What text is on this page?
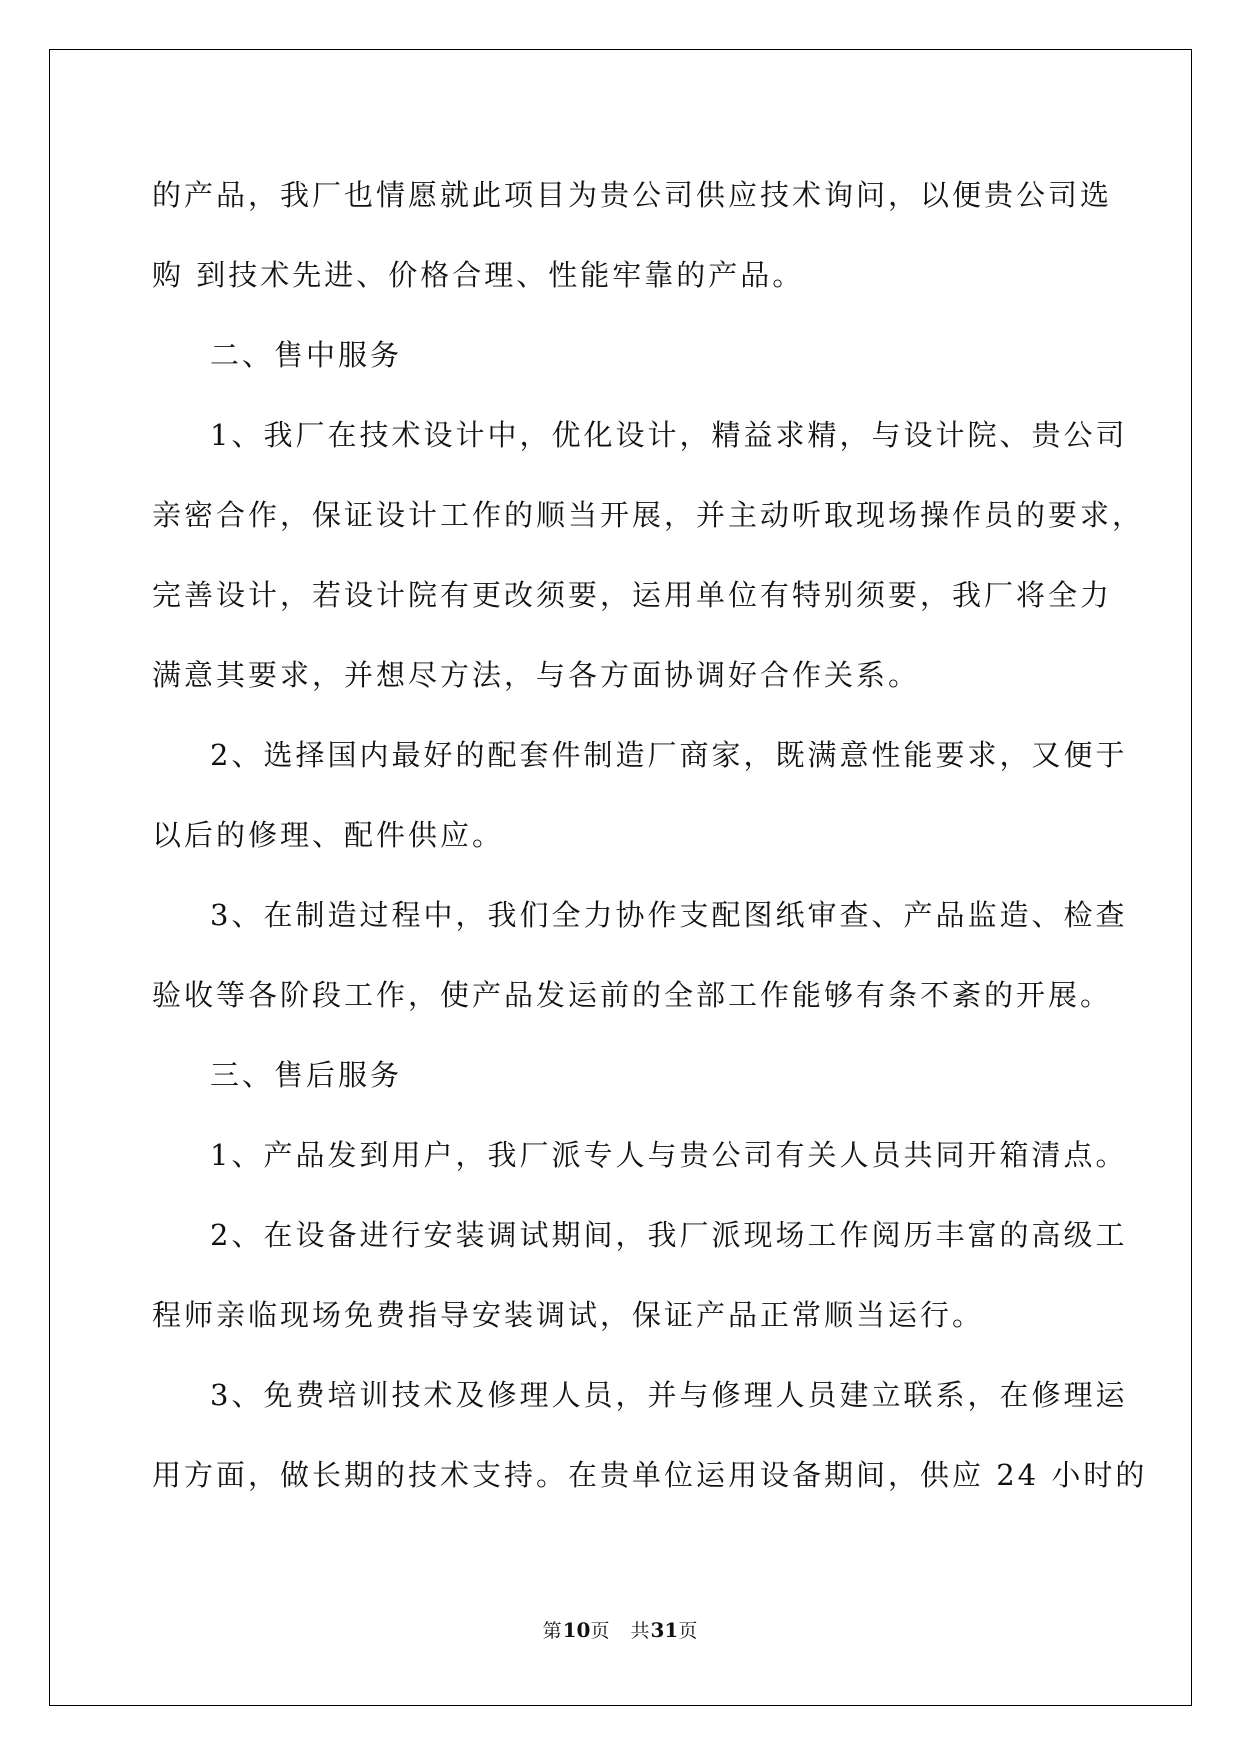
的产品，我厂也情愿就此项目为贵公司供应技术询问，以便贵公司选

购 到技术先进、价格合理、性能牢靠的产品。

二、售中服务

1、我厂在技术设计中，优化设计，精益求精，与设计院、贵公司

亲密合作，保证设计工作的顺当开展，并主动听取现场操作员的要求，

完善设计，若设计院有更改须要，运用单位有特别须要，我厂将全力

满意其要求，并想尽方法，与各方面协调好合作关系。

2、选择国内最好的配套件制造厂商家，既满意性能要求，又便于

以后的修理、配件供应。

3、在制造过程中，我们全力协作支配图纸审查、产品监造、检查

验收等各阶段工作，使产品发运前的全部工作能够有条不紊的开展。

三、售后服务

1、产品发到用户，我厂派专人与贵公司有关人员共同开箱清点。

2、在设备进行安装调试期间，我厂派现场工作阅历丰富的高级工

程师亲临现场免费指导安装调试，保证产品正常顺当运行。

3、免费培训技术及修理人员，并与修理人员建立联系，在修理运

用方面，做长期的技术支持。在贵单位运用设备期间，供应 24 小时的

第10页 共31页
